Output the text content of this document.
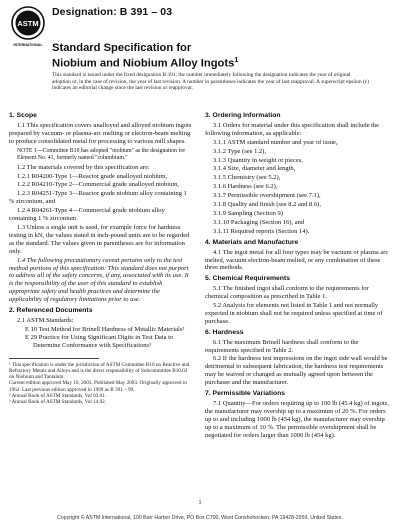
ASTM
INTERNATIONAL
Designation: B 391 – 03
Standard Specification for
Niobium and Niobium Alloy Ingots$^1$
This standard is issued under the fixed designation B 391; the number immediately following the designation indicates the year of original adoption or, in the case of revision, the year of last revision. A number in parentheses indicates the year of last reapproval. A superscript epsilon (ε) indicates an editorial change since the last revision or reapproval.
1. Scope
1.1 This specification covers unalloyed and alloyed niobium ingots prepared by vacuum- or plasma-arc melting or electron-beam melting to produce consolidated metal for processing to various mill shapes.
NOTE 1—Committee B10 has adopted "niobium" as the designation for Element No. 41, formerly named "columbium."
1.2 The materials covered by this specification are:
1.2.1 R04200-Type 1—Reactor grade unalloyed niobium,
1.2.2 R04210-Type 2—Commercial grade unalloyed niobium,
1.2.3 R04251-Type 3—Reactor grade niobium alloy containing 1 % zirconium, and
1.2.4 R04261-Type 4—Commercial grade niobium alloy containing 1 % zirconium.
1.3 Unless a single unit is used, for example force for hardness testing in kN, the values stated in inch-pound units are to be regarded as the standard. The values given in parentheses are for information only.
1.4 The following precautionary caveat pertains only to the test method portions of this specification: This standard does not purport to address all of the safety concerns, if any, associated with its use. It is the responsibility of the user of this standard to establish appropriate safety and health practices and determine the applicability of regulatory limitations prior to use.
2. Referenced Documents
2.1 ASTM Standards:
E 10 Test Method for Brinell Hardness of Metallic Materials²
E 29 Practice for Using Significant Digits in Test Data to Determine Conformance with Specifications³
¹ This specification is under the jurisdiction of ASTM Committee B10 on Reactive and Refractory Metals and Alloys and is the direct responsibility of Subcommittee B10.03 on Niobium and Tantalum.
Current edition approved May 10, 2003. Published May 2003. Originally approved in 1962. Last previous edition approved in 1999 as B 391 – 99.
² Annual Book of ASTM Standards, Vol 03.01.
³ Annual Book of ASTM Standards, Vol 14.02.
3. Ordering Information
3.1 Orders for material under this specification shall include the following information, as applicable:
3.1.1 ASTM standard number and year of issue,
3.1.2 Type (see 1.2),
3.1.3 Quantity in weight or pieces,
3.1.4 Size, diameter and length,
3.1.5 Chemistry (see 5.2),
3.1.6 Hardness (see 6.2),
3.1.7 Permissible overshipment (see 7.1),
3.1.8 Quality and finish (see 8.2 and 8.6),
3.1.9 Sampling (Section 9)
3.1.10 Packaging (Section 16), and
3.1.11 Required reports (Section 14).
4. Materials and Manufacture
4.1 The ingot metal for all four types may be vacuum or plasma arc melted, vacuum electron-beam melted, or any combination of these three methods.
5. Chemical Requirements
5.1 The finished ingot shall conform to the requirements for chemical composition as prescribed in Table 1.
5.2 Analysis for elements not listed in Table 1 and not normally expected in niobium shall not be required unless specified at time of purchase.
6. Hardness
6.1 The maximum Brinell hardness shall conform to the requirements specified in Table 2.
6.2 If the hardness test impressions on the ingot side wall would be detrimental to subsequent fabrication, the hardness test requirements may be waived or changed as mutually agreed upon between the purchaser and the manufacturer.
7. Permissible Variations
7.1 Quantity—For orders requiring up to 100 lb (45.4 kg) of ingots, the manufacturer may overship up to a maximum of 20 %. For orders up to and including 1000 lb (454 kg), the manufacturer may overship up to a maximum of 10 %. The permissible overshipment shall be negotiated for orders larger than 1000 lb (454 kg).
1
Copyright © ASTM International, 100 Barr Harbor Drive, PO Box C700, West Conshohocken, PA 19428-2959, United States.
